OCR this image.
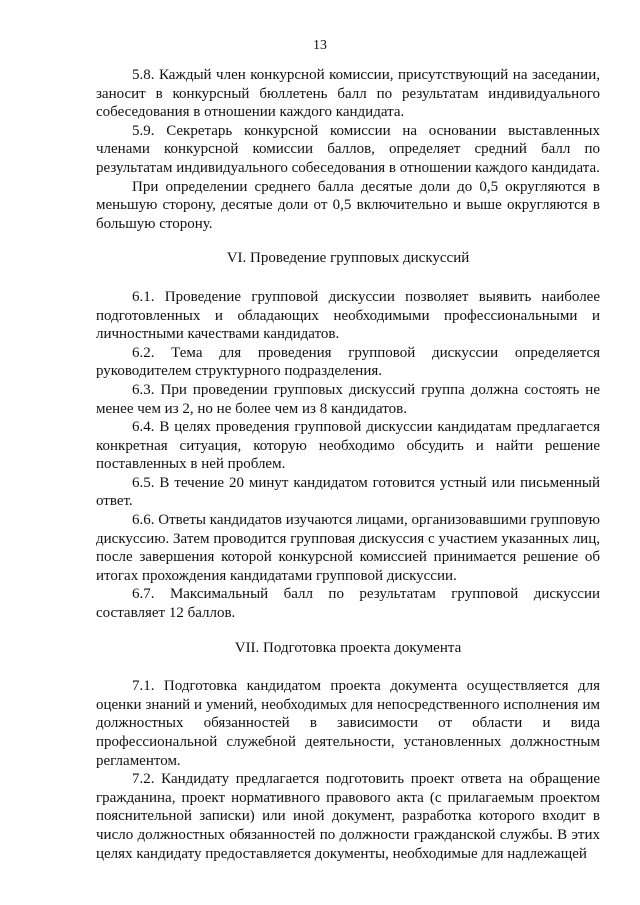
13

5.8. Каждый член конкурсной комиссии, присутствующий на заседании, заносит в конкурсный бюллетень балл по результатам индивидуального собеседования в отношении каждого кандидата.

5.9. Секретарь конкурсной комиссии на основании выставленных членами конкурсной комиссии баллов, определяет средний балл по результатам индивидуального собеседования в отношении каждого кандидата.

При определении среднего балла десятые доли до 0,5 округляются в меньшую сторону, десятые доли от 0,5 включительно и выше округляются в большую сторону.

VI. Проведение групповых дискуссий

6.1. Проведение групповой дискуссии позволяет выявить наиболее подготовленных и обладающих необходимыми профессиональными и личностными качествами кандидатов.

6.2. Тема для проведения групповой дискуссии определяется руководителем структурного подразделения.

6.3. При проведении групповых дискуссий группа должна состоять не менее чем из 2, но не более чем из 8 кандидатов.

6.4. В целях проведения групповой дискуссии кандидатам предлагается конкретная ситуация, которую необходимо обсудить и найти решение поставленных в ней проблем.

6.5. В течение 20 минут кандидатом готовится устный или письменный ответ.

6.6. Ответы кандидатов изучаются лицами, организовавшими групповую дискуссию. Затем проводится групповая дискуссия с участием указанных лиц, после завершения которой конкурсной комиссией принимается решение об итогах прохождения кандидатами групповой дискуссии.

6.7. Максимальный балл по результатам групповой дискуссии составляет 12 баллов.

VII. Подготовка проекта документа

7.1. Подготовка кандидатом проекта документа осуществляется для оценки знаний и умений, необходимых для непосредственного исполнения им должностных обязанностей в зависимости от области и вида профессиональной служебной деятельности, установленных должностным регламентом.

7.2. Кандидату предлагается подготовить проект ответа на обращение гражданина, проект нормативного правового акта (с прилагаемым проектом пояснительной записки) или иной документ, разработка которого входит в число должностных обязанностей по должности гражданской службы. В этих целях кандидату предоставляется документы, необходимые для надлежащей
